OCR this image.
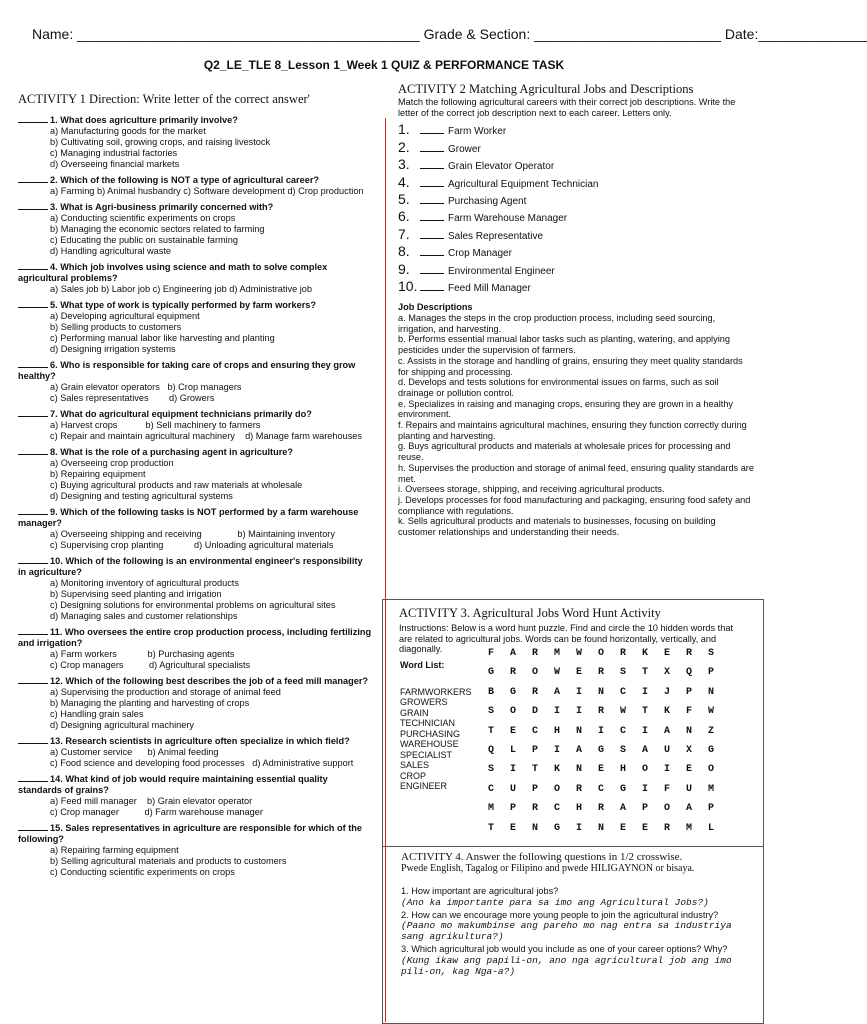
Name: ____________________________________________ Grade & Section: ________________________ Date:______________
Q2_LE_TLE 8_Lesson 1_Week 1 QUIZ & PERFORMANCE TASK
ACTIVITY 1 Direction: Write letter of the correct answer'
1. What does agriculture primarily involve?
a) Manufacturing goods for the market
b) Cultivating soil, growing crops, and raising livestock
c) Managing industrial factories
d) Overseeing financial markets
2. Which of the following is NOT a type of agricultural career?
a) Farming b) Animal husbandry c) Software development d) Crop production
3. What is Agri-business primarily concerned with?
a) Conducting scientific experiments on crops
b) Managing the economic sectors related to farming
c) Educating the public on sustainable farming
d) Handling agricultural waste
4. Which job involves using science and math to solve complex agricultural problems?
a) Sales job b) Labor job c) Engineering job d) Administrative job
5. What type of work is typically performed by farm workers?
a) Developing agricultural equipment
b) Selling products to customers
c) Performing manual labor like harvesting and planting
d) Designing irrigation systems
6. Who is responsible for taking care of crops and ensuring they grow healthy?
a) Grain elevator operators   b) Crop managers
c) Sales representatives        d) Growers
7. What do agricultural equipment technicians primarily do?
a) Harvest crops           b) Sell machinery to farmers
c) Repair and maintain agricultural machinery    d) Manage farm warehouses
8. What is the role of a purchasing agent in agriculture?
a) Overseeing crop production
b) Repairing equipment
c) Buying agricultural products and raw materials at wholesale
d) Designing and testing agricultural systems
9. Which of the following tasks is NOT performed by a farm warehouse manager?
a) Overseeing shipping and receiving              b) Maintaining inventory
c) Supervising crop planting            d) Unloading agricultural materials
10. Which of the following is an environmental engineer's responsibility in agriculture?
a) Monitoring inventory of agricultural products
b) Supervising seed planting and irrigation
c) Designing solutions for environmental problems on agricultural sites
d) Managing sales and customer relationships
11. Who oversees the entire crop production process, including fertilizing and irrigation?
a) Farm workers            b) Purchasing agents
c) Crop managers          d) Agricultural specialists
12. Which of the following best describes the job of a feed mill manager?
a) Supervising the production and storage of animal feed
b) Managing the planting and harvesting of crops
c) Handling grain sales
d) Designing agricultural machinery
13. Research scientists in agriculture often specialize in which field?
a) Customer service      b) Animal feeding
c) Food science and developing food processes   d) Administrative support
14. What kind of job would require maintaining essential quality standards of grains?
a) Feed mill manager    b) Grain elevator operator
c) Crop manager          d) Farm warehouse manager
15. Sales representatives in agriculture are responsible for which of the following?
a) Repairing farming equipment
b) Selling agricultural materials and products to customers
c) Conducting scientific experiments on crops
ACTIVITY 2 Matching Agricultural Jobs and Descriptions
Match the following agricultural careers with their correct job descriptions. Write the letter of the correct job description next to each career. Letters only.
1.	Farm Worker
2.	Grower
3.	Grain Elevator Operator
4.	Agricultural Equipment Technician
5.	Purchasing Agent
6.	Farm Warehouse Manager
7.	Sales Representative
8.	Crop Manager
9.	Environmental Engineer
10.	Feed Mill Manager
Job Descriptions
a. Manages the steps in the crop production process, including seed sourcing, irrigation, and harvesting.
b. Performs essential manual labor tasks such as planting, watering, and applying pesticides under the supervision of farmers.
c. Assists in the storage and handling of grains, ensuring they meet quality standards for shipping and processing.
d. Develops and tests solutions for environmental issues on farms, such as soil drainage or pollution control.
e. Specializes in raising and managing crops, ensuring they are grown in a healthy environment.
f. Repairs and maintains agricultural machines, ensuring they function correctly during planting and harvesting.
g. Buys agricultural products and materials at wholesale prices for processing and reuse.
h. Supervises the production and storage of animal feed, ensuring quality standards are met.
i. Oversees storage, shipping, and receiving agricultural products.
j. Develops processes for food manufacturing and packaging, ensuring food safety and compliance with regulations.
k. Sells agricultural products and materials to businesses, focusing on building customer relationships and understanding their needs.
ACTIVITY 3. Agricultural Jobs Word Hunt Activity
Instructions: Below is a word hunt puzzle. Find and circle the 10 hidden words that are related to agricultural jobs. Words can be found horizontally, vertically, and diagonally.
Word List:
FARMWORKERS
GROWERS
GRAIN
TECHNICIAN
PURCHASING
WAREHOUSE
SPECIALIST
SALES
CROP
ENGINEER
F A R M W O R K E R S
G R O W E R S T X Q P
B G R A I N C I J P N
S O D I I R W T K F W
T E C H N I C I A N Z
Q L P I A G S A U X G
S I T K N E H O I E O
C U P O R C G I F U M
M P R C H R A P O A P
T E N G I N E E R M L
ACTIVITY 4. Answer the following questions in 1/2 crosswise.
Pwede English, Tagalog or Filipino and pwede HILIGAYNON or bisaya.
1. How important are agricultural jobs?
(Ano ka importante para sa imo ang Agricultural Jobs?)
2. How can we encourage more young people to join the agricultural industry?
(Paano mo makumbinse ang pareho mo nag entra sa industriya sang agrikultura?)
3. Which agricultural job would you include as one of your career options? Why?
(Kung ikaw ang papili-on, ano nga agricultural job ang imo pili-on, kag Nga-a?)
